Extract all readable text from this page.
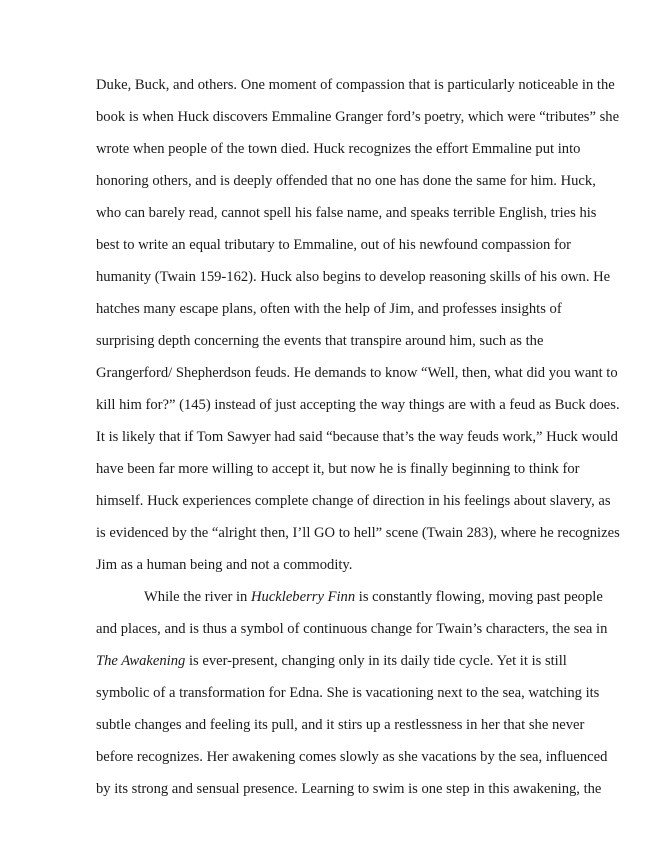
Duke, Buck, and others. One moment of compassion that is particularly noticeable in the
book is when Huck discovers Emmaline Granger ford’s poetry, which were “tributes” she
wrote when people of the town died. Huck recognizes the effort Emmaline put into
honoring others, and is deeply offended that no one has done the same for him. Huck,
who can barely read, cannot spell his false name, and speaks terrible English, tries his
best to write an equal tributary to Emmaline, out of his newfound compassion for
humanity (Twain 159-162). Huck also begins to develop reasoning skills of his own. He
hatches many escape plans, often with the help of Jim, and professes insights of
surprising depth concerning the events that transpire around him, such as the
Grangerford/ Shepherdson feuds. He demands to know “Well, then, what did you want to
kill him for?” (145) instead of just accepting the way things are with a feud as Buck does.
It is likely that if Tom Sawyer had said “because that’s the way feuds work,” Huck would
have been far more willing to accept it, but now he is finally beginning to think for
himself. Huck experiences complete change of direction in his feelings about slavery, as
is evidenced by the “alright then, I’ll GO to hell” scene (Twain 283), where he recognizes
Jim as a human being and not a commodity.
While the river in Huckleberry Finn is constantly flowing, moving past people
and places, and is thus a symbol of continuous change for Twain’s characters, the sea in
The Awakening is ever-present, changing only in its daily tide cycle. Yet it is still
symbolic of a transformation for Edna. She is vacationing next to the sea, watching its
subtle changes and feeling its pull, and it stirs up a restlessness in her that she never
before recognizes. Her awakening comes slowly as she vacations by the sea, influenced
by its strong and sensual presence. Learning to swim is one step in this awakening, the
